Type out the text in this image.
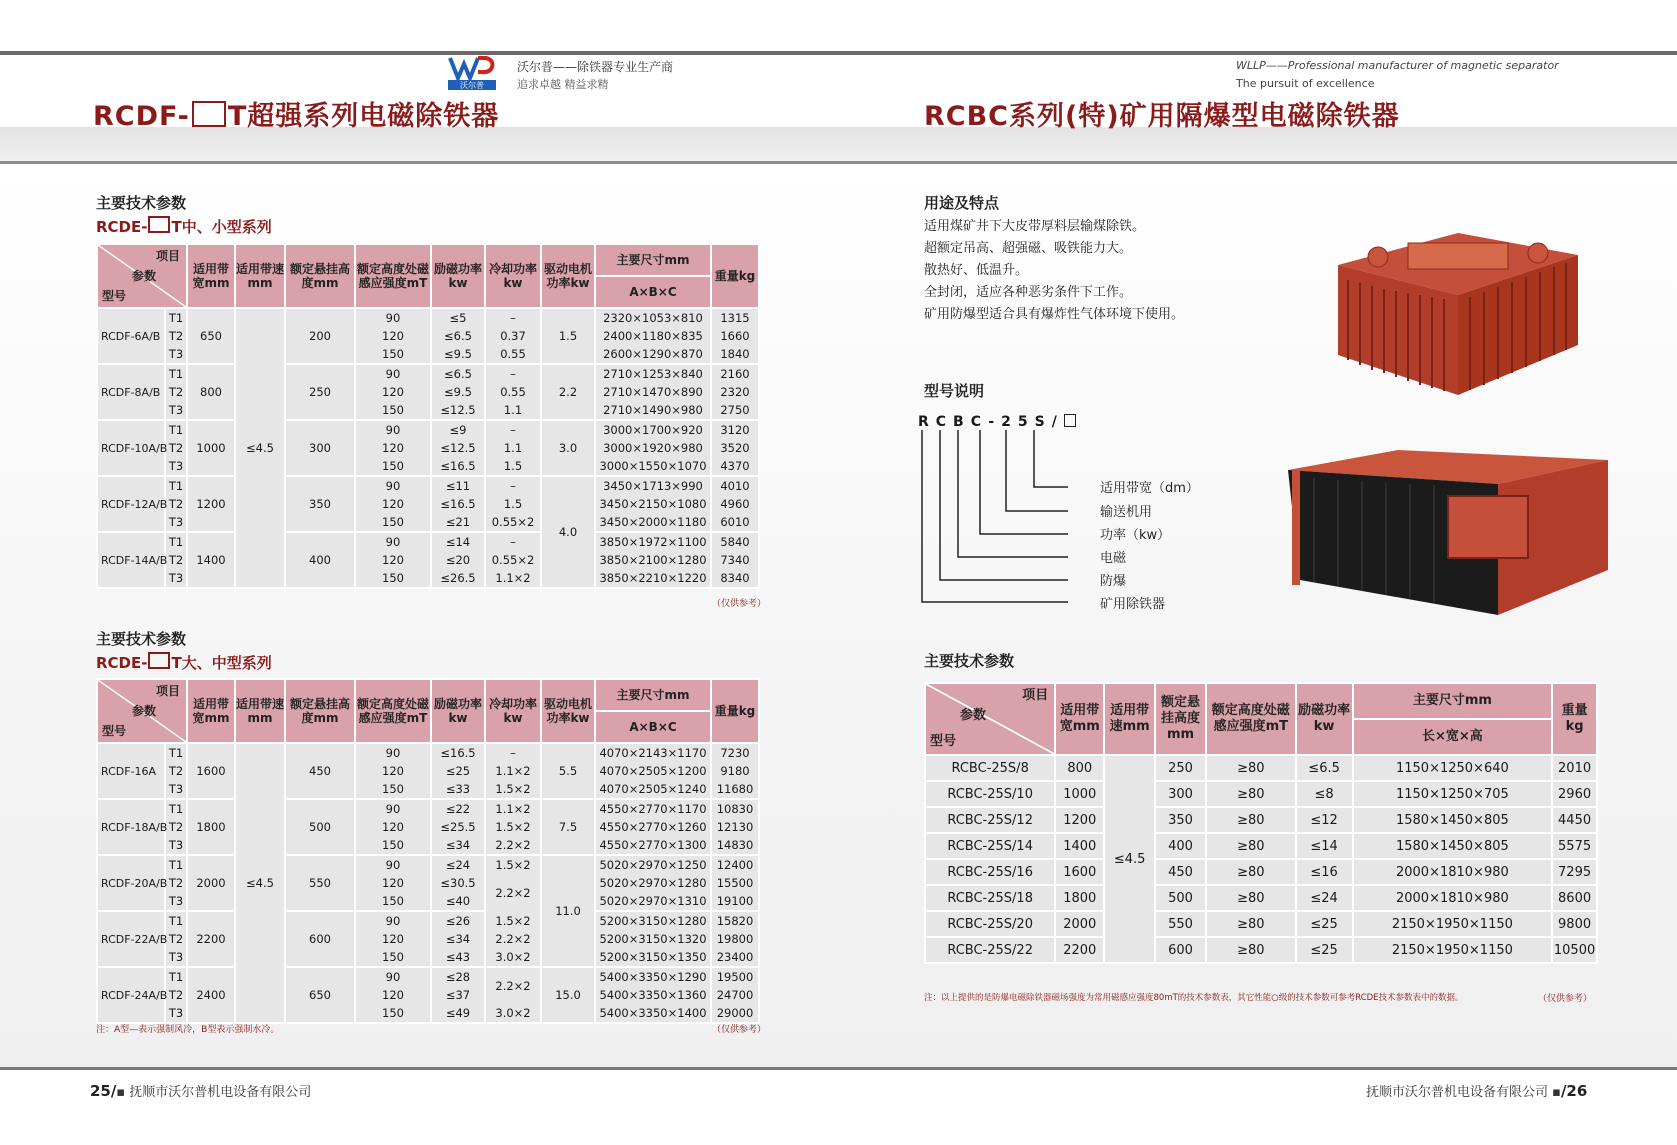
沃尔普
沃尔普——除铁器专业生产商
追求卓越 精益求精
RCDF- T超强系列电磁除铁器
主要技术参数
RCDE- T中、小型系列
项目
参数
型号		适用带宽mm	适用带速mm	额定悬挂高度mm	额定高度处磁感应强度mT	励磁功率kw	冷却功率kw	驱动电机功率kw	主要尺寸mm	重量kg
									A×B×C	
RCDF-6A/B	T1	650	≤4.5	200	90	≤5	–	1.5	2320×1053×810	1315
	T2				120	≤6.5	0.37		2400×1180×835	1660
	T3				150	≤9.5	0.55		2600×1290×870	1840
RCDF-8A/B	T1	800		250	90	≤6.5	–	2.2	2710×1253×840	2160
	T2				120	≤9.5	0.55		2710×1470×890	2320
	T3				150	≤12.5	1.1		2710×1490×980	2750
RCDF-10A/B	T1	1000		300	90	≤9	–	3.0	3000×1700×920	3120
	T2				120	≤12.5	1.1		3000×1920×980	3520
	T3				150	≤16.5	1.5		3000×1550×1070	4370
RCDF-12A/B	T1	1200		350	90	≤11	–	4.0	3450×1713×990	4010
	T2				120	≤16.5	1.5		3450×2150×1080	4960
	T3				150	≤21	0.55×2		3450×2000×1180	6010
RCDF-14A/B	T1	1400		400	90	≤14	–		3850×1972×1100	5840
	T2				120	≤20	0.55×2		3850×2100×1280	7340
	T3				150	≤26.5	1.1×2		3850×2210×1220	8340
（仅供参考）
主要技术参数
RCDE- T大、中型系列
项目
参数
型号		适用带宽mm	适用带速mm	额定悬挂高度mm	额定高度处磁感应强度mT	励磁功率kw	冷却功率kw	驱动电机功率kw	主要尺寸mm	重量kg
									A×B×C	
RCDF-16A	T1	1600	≤4.5	450	90	≤16.5	–	5.5	4070×2143×1170	7230
	T2				120	≤25	1.1×2		4070×2505×1200	9180
	T3				150	≤33	1.5×2		4070×2505×1240	11680
RCDF-18A/B	T1	1800		500	90	≤22	1.1×2	7.5	4550×2770×1170	10830
	T2				120	≤25.5	1.5×2		4550×2770×1260	12130
	T3				150	≤34	2.2×2		4550×2770×1300	14830
RCDF-20A/B	T1	2000		550	90	≤24	1.5×2	11.0	5020×2970×1250	12400
	T2				120	≤30.5	2.2×2		5020×2970×1280	15500
	T3				150	≤40			5020×2970×1310	19100
RCDF-22A/B	T1	2200		600	90	≤26	1.5×2		5200×3150×1280	15820
	T2				120	≤34	2.2×2		5200×3150×1320	19800
	T3				150	≤43	3.0×2		5200×3150×1350	23400
RCDF-24A/B	T1	2400		650	90	≤28	2.2×2	15.0	5400×3350×1290	19500
	T2				120	≤37			5400×3350×1360	24700
	T3				150	≤49	3.0×2		5400×3350×1400	29000
注：A型—表示强制风冷，B型表示强制水冷。	（仅供参考）
25/▪ 抚顺市沃尔普机电设备有限公司
WLLP——Professional manufacturer of magnetic separator
The pursuit of excellence
RCBC系列(特)矿用隔爆型电磁除铁器
用途及特点
适用煤矿井下大皮带厚料层输煤除铁。
超额定吊高、超强磁、吸铁能力大。
散热好、低温升。
全封闭，适应各种恶劣条件下工作。
矿用防爆型适合具有爆炸性气体环境下使用。
型号说明
RCBC-25S/
适用带宽（dm）
输送机用
功率（kw）
电磁
防爆
矿用除铁器
主要技术参数
项目
参数
型号	适用带宽mm	适用带速mm	额定悬挂高度mm	额定高度处磁感应强度mT	励磁功率kw	主要尺寸mm	重量kg
						长×宽×高	
RCBC-25S/8	800	≤4.5	250	≥80	≤6.5	1150×1250×640	2010
RCBC-25S/10	1000		300	≥80	≤8	1150×1250×705	2960
RCBC-25S/12	1200		350	≥80	≤12	1580×1450×805	4450
RCBC-25S/14	1400		400	≥80	≤14	1580×1450×805	5575
RCBC-25S/16	1600		450	≥80	≤16	2000×1810×980	7295
RCBC-25S/18	1800		500	≥80	≤24	2000×1810×980	8600
RCBC-25S/20	2000		550	≥80	≤25	2150×1950×1150	9800
RCBC-25S/22	2200		600	≥80	≤25	2150×1950×1150	10500
注：以上提供的是防爆电磁除铁器磁场强度为常用磁感应强度80mT的技术参数表，其它性能○级的技术参数可参考RCDE技术参数表中的数据。	（仅供参考）
抚顺市沃尔普机电设备有限公司 ▪/26
